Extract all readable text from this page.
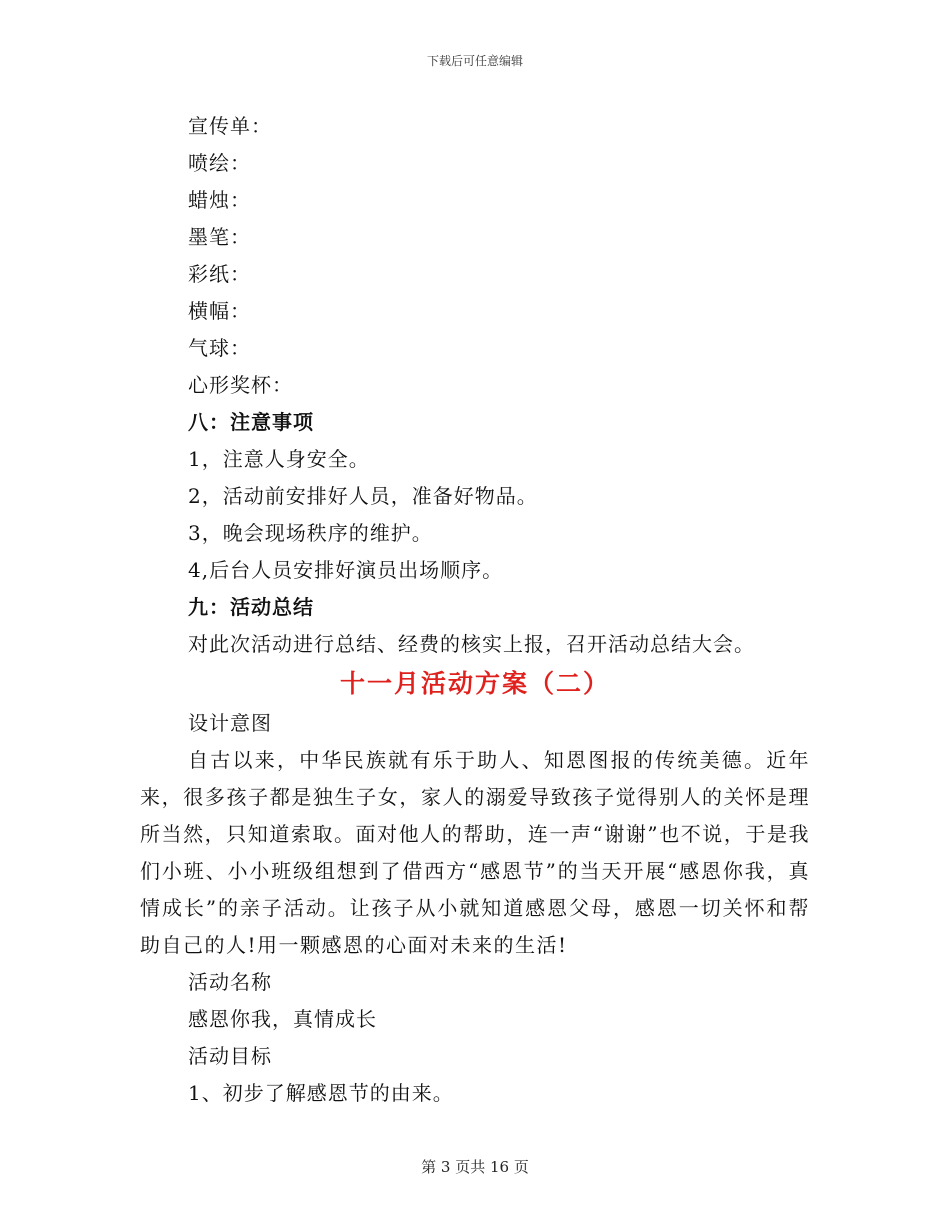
下载后可任意编辑
宣传单：
喷绘：
蜡烛：
墨笔：
彩纸：
横幅：
气球：
心形奖杯：
八：注意事项
1，注意人身安全。
2，活动前安排好人员，准备好物品。
3，晚会现场秩序的维护。
4,后台人员安排好演员出场顺序。
九：活动总结
对此次活动进行总结、经费的核实上报，召开活动总结大会。
十一月活动方案（二）
设计意图

自古以来，中华民族就有乐于助人、知恩图报的传统美德。近年来，很多孩子都是独生子女，家人的溺爱导致孩子觉得别人的关怀是理所当然，只知道索取。面对他人的帮助，连一声“谢谢”也不说，于是我们小班、小小班级组想到了借西方“感恩节”的当天开展“感恩你我，真情成长”的亲子活动。让孩子从小就知道感恩父母，感恩一切关怀和帮助自己的人!用一颗感恩的心面对未来的生活!

活动名称
感恩你我，真情成长
活动目标
1、初步了解感恩节的由来。
第 3 页共 16 页
